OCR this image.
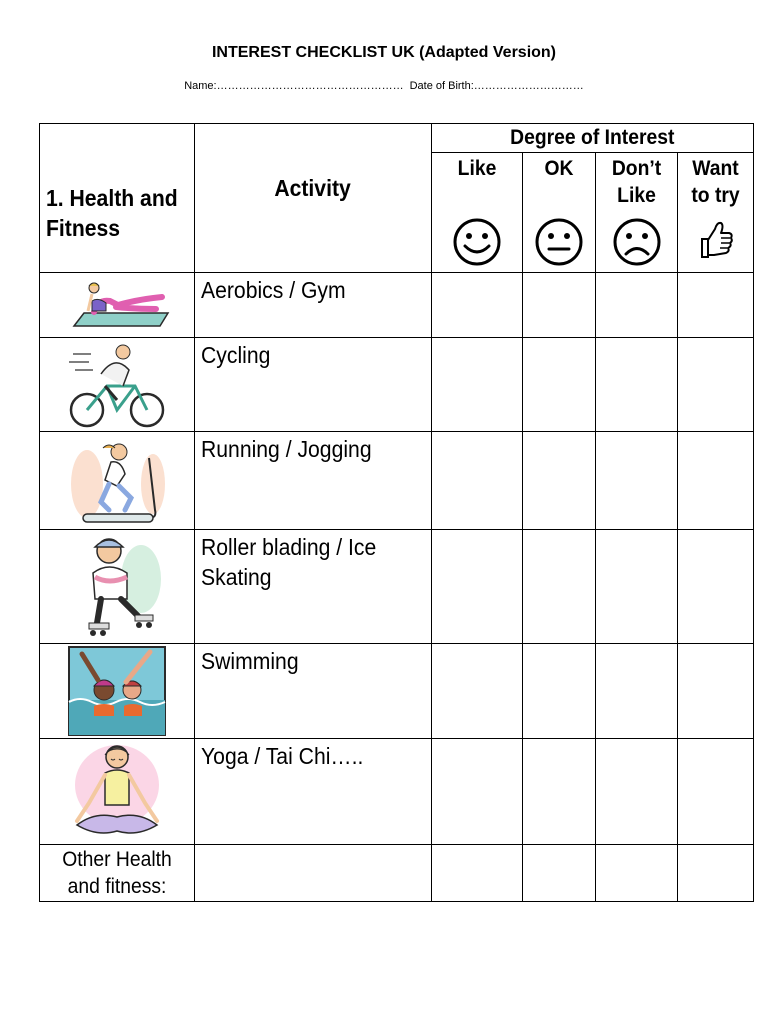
INTEREST CHECKLIST UK (Adapted Version)
Name:…………………………………………… Date of Birth:…………………………
1. Health and Fitness	Activity	Degree of Interest			

		Like	OK	Don’t Like	Want to try

	Aerobics / Gym				

	Cycling				

	Running / Jogging				

	Roller blading / Ice Skating				

	Swimming				

	Yoga / Tai Chi…..				
Other Health and fitness:					
